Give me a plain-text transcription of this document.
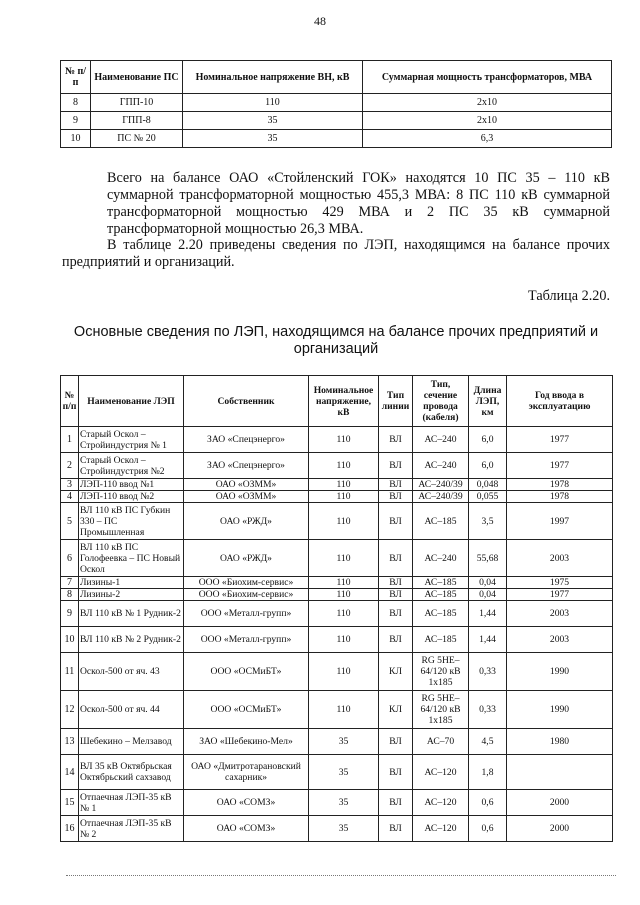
48
№ п/п	Наименование ПС	Номинальное напряжение ВН, кВ	Суммарная мощность трансформаторов, МВА
8	ГПП-10	110	2x10
9	ГПП-8	35	2x10
10	ПС № 20	35	6,3
Всего на балансе ОАО «Стойленский ГОК» находятся 10 ПС 35 – 110 кВ
суммарной трансформаторной мощностью 455,3 МВА: 8 ПС 110 кВ суммарной
трансформаторной мощностью 429 МВА и 2 ПС 35 кВ суммарной
трансформаторной мощностью 26,3 МВА.
В таблице 2.20 приведены сведения по ЛЭП, находящимся на балансе прочих
предприятий и организаций.
Таблица 2.20.
Основные сведения по ЛЭП, находящимся на балансе прочих предприятий и
организаций
№ п/п	Наименование ЛЭП	Собственник	Номинальное напряжение, кВ	Тип линии	Тип, сечение провода (кабеля)	Длина ЛЭП, км	Год ввода в эксплуатацию
1	Старый Оскол – Стройиндустрия № 1	ЗАО «Спецэнерго»	110	ВЛ	АС–240	6,0	1977
2	Старый Оскол – Стройиндустрия №2	ЗАО «Спецэнерго»	110	ВЛ	АС–240	6,0	1977
3	ЛЭП-110 ввод №1	ОАО «ОЗММ»	110	ВЛ	АС–240/39	0,048	1978
4	ЛЭП-110 ввод №2	ОАО «ОЗММ»	110	ВЛ	АС–240/39	0,055	1978
5	ВЛ 110 кВ ПС Губкин 330 – ПС Промышленная	ОАО «РЖД»	110	ВЛ	АС–185	3,5	1997
6	ВЛ 110 кВ ПС Голофеевка – ПС Новый Оскол	ОАО «РЖД»	110	ВЛ	АС–240	55,68	2003
7	Лизины-1	ООО «Биохим-сервис»	110	ВЛ	АС–185	0,04	1975
8	Лизины-2	ООО «Биохим-сервис»	110	ВЛ	АС–185	0,04	1977
9	ВЛ 110 кВ № 1 Рудник-2	ООО «Металл-групп»	110	ВЛ	АС–185	1,44	2003
10	ВЛ 110 кВ № 2 Рудник-2	ООО «Металл-групп»	110	ВЛ	АС–185	1,44	2003
11	Оскол-500 от яч. 43	ООО «ОСМиБТ»	110	КЛ	RG 5HE– 64/120 кВ 1x185	0,33	1990
12	Оскол-500 от яч. 44	ООО «ОСМиБТ»	110	КЛ	RG 5HE– 64/120 кВ 1x185	0,33	1990
13	Шебекино – Мелзавод	ЗАО «Шебекино-Мел»	35	ВЛ	АС–70	4,5	1980
14	ВЛ 35 кВ Октябрьская Октябрьский сахзавод	ОАО «Дмитротарановский сахарник»	35	ВЛ	АС–120	1,8	
15	Отпаечная ЛЭП-35 кВ № 1	ОАО «СОМЗ»	35	ВЛ	АС–120	0,6	2000
16	Отпаечная ЛЭП-35 кВ № 2	ОАО «СОМЗ»	35	ВЛ	АС–120	0,6	2000
